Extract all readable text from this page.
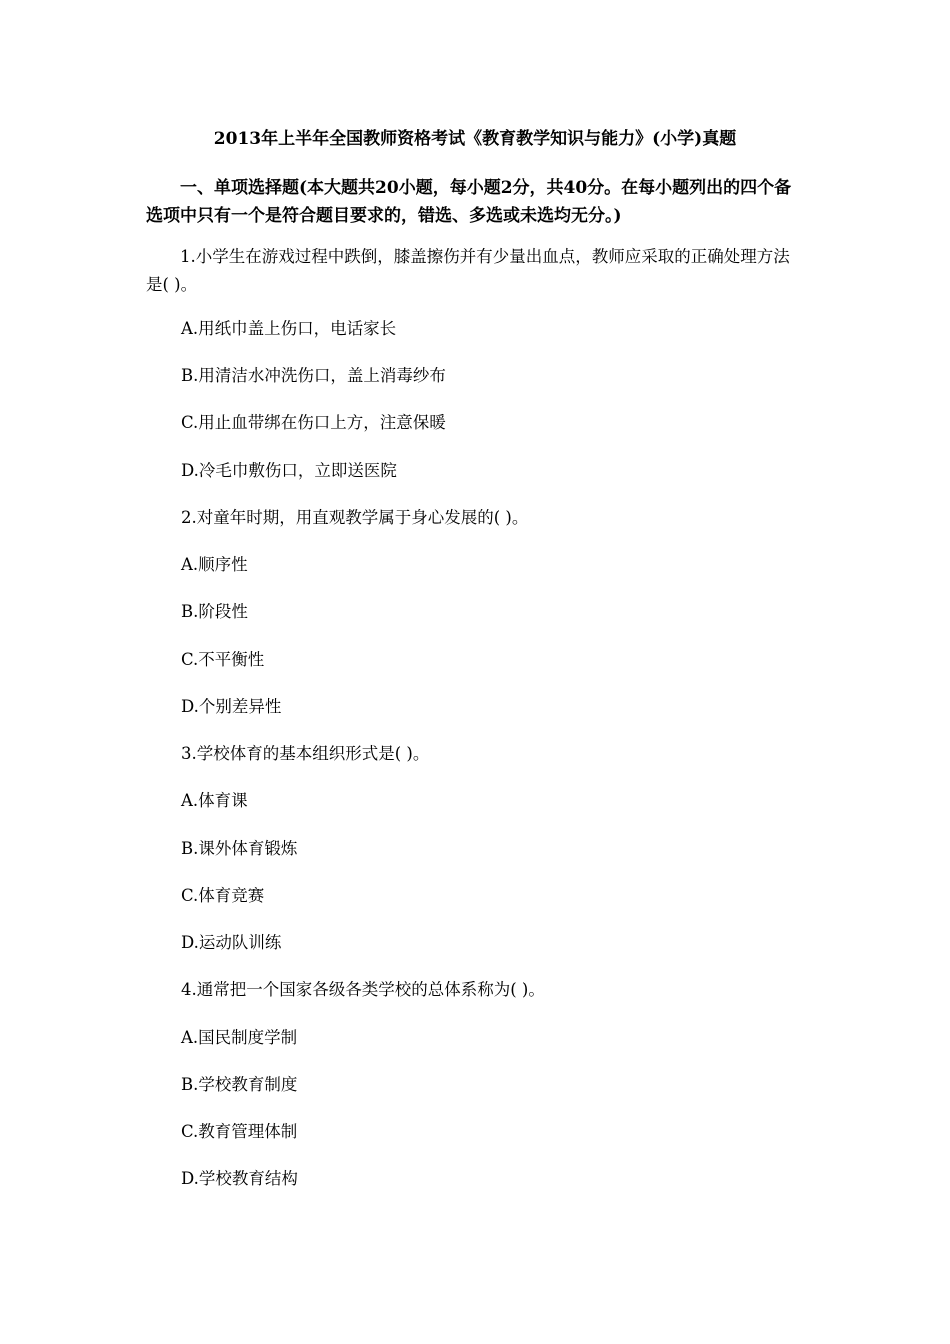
2013年上半年全国教师资格考试《教育教学知识与能力》(小学)真题
一、单项选择题(本大题共20小题，每小题2分，共40分。在每小题列出的四个备选项中只有一个是符合题目要求的，错选、多选或未选均无分。)
1.小学生在游戏过程中跌倒，膝盖擦伤并有少量出血点，教师应采取的正确处理方法是( )。
A.用纸巾盖上伤口，电话家长
B.用清洁水冲洗伤口，盖上消毒纱布
C.用止血带绑在伤口上方，注意保暖
D.冷毛巾敷伤口，立即送医院
2.对童年时期，用直观教学属于身心发展的( )。
A.顺序性
B.阶段性
C.不平衡性
D.个别差异性
3.学校体育的基本组织形式是( )。
A.体育课
B.课外体育锻炼
C.体育竞赛
D.运动队训练
4.通常把一个国家各级各类学校的总体系称为( )。
A.国民制度学制
B.学校教育制度
C.教育管理体制
D.学校教育结构
